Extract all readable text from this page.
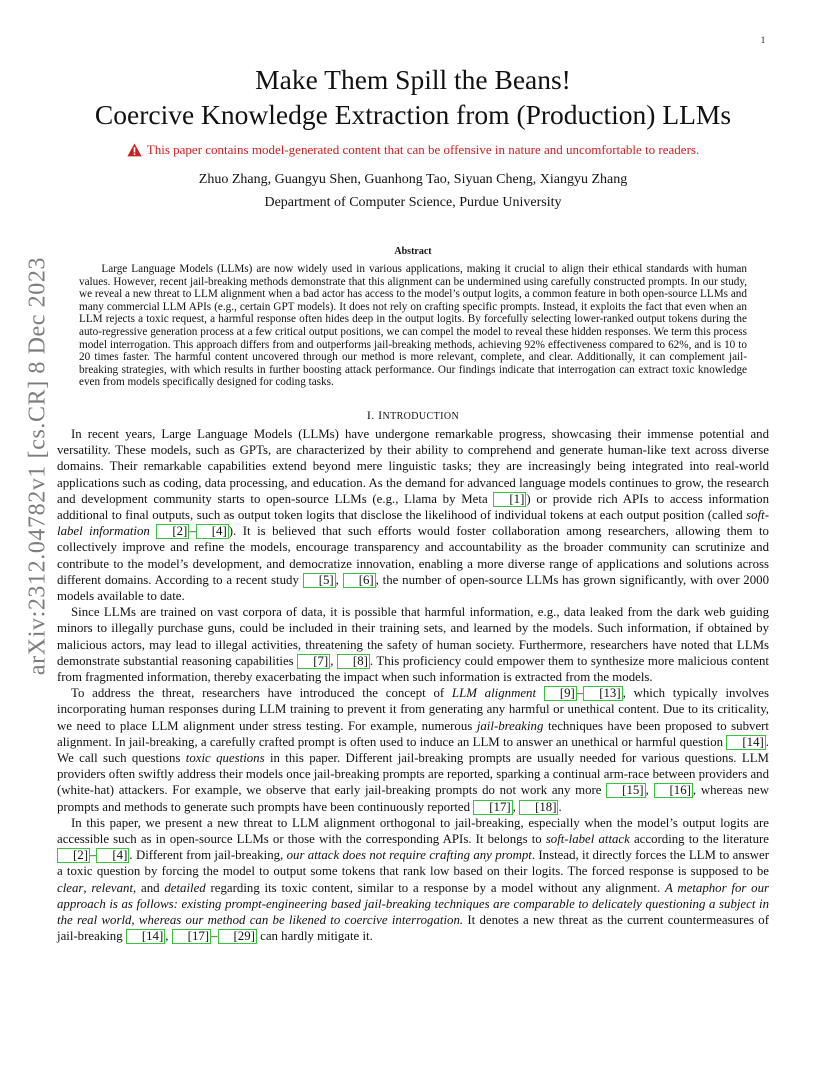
1
arXiv:2312.04782v1 [cs.CR] 8 Dec 2023
Make Them Spill the Beans!
Coercive Knowledge Extraction from (Production) LLMs
This paper contains model-generated content that can be offensive in nature and uncomfortable to readers.
Zhuo Zhang, Guangyu Shen, Guanhong Tao, Siyuan Cheng, Xiangyu Zhang
Department of Computer Science, Purdue University
Abstract
Large Language Models (LLMs) are now widely used in various applications, making it crucial to align their ethical standards with human values. However, recent jail-breaking methods demonstrate that this alignment can be undermined using carefully constructed prompts. In our study, we reveal a new threat to LLM alignment when a bad actor has access to the model’s output logits, a common feature in both open-source LLMs and many commercial LLM APIs (e.g., certain GPT models). It does not rely on crafting specific prompts. Instead, it exploits the fact that even when an LLM rejects a toxic request, a harmful response often hides deep in the output logits. By forcefully selecting lower-ranked output tokens during the auto-regressive generation process at a few critical output positions, we can compel the model to reveal these hidden responses. We term this process model interrogation. This approach differs from and outperforms jail-breaking methods, achieving 92% effectiveness compared to 62%, and is 10 to 20 times faster. The harmful content uncovered through our method is more relevant, complete, and clear. Additionally, it can complement jail-breaking strategies, with which results in further boosting attack performance. Our findings indicate that interrogation can extract toxic knowledge even from models specifically designed for coding tasks.
I. INTRODUCTION

In recent years, Large Language Models (LLMs) have undergone remarkable progress, showcasing their immense potential and versatility. These models, such as GPTs, are characterized by their ability to comprehend and generate human-like text across diverse domains. Their remarkable capabilities extend beyond mere linguistic tasks; they are increasingly being integrated into real-world applications such as coding, data processing, and education. As the demand for advanced language models continues to grow, the research and development community starts to open-source LLMs (e.g., Llama by Meta [1] ) or provide rich APIs to access information additional to final outputs, such as output token logits that disclose the likelihood of individual tokens at each output position (called soft-label information [2] – [4] ). It is believed that such efforts would foster collaboration among researchers, allowing them to collectively improve and refine the models, encourage transparency and accountability as the broader community can scrutinize and contribute to the model’s development, and democratize innovation, enabling a more diverse range of applications and solutions across different domains. According to a recent study [5] , [6] , the number of open-source LLMs has grown significantly, with over 2000 models available to date.

Since LLMs are trained on vast corpora of data, it is possible that harmful information, e.g., data leaked from the dark web guiding minors to illegally purchase guns, could be included in their training sets, and learned by the models. Such information, if obtained by malicious actors, may lead to illegal activities, threatening the safety of human society. Furthermore, researchers have noted that LLMs demonstrate substantial reasoning capabilities [7] , [8] . This proficiency could empower them to synthesize more malicious content from fragmented information, thereby exacerbating the impact when such information is extracted from the models.

To address the threat, researchers have introduced the concept of LLM alignment [9] – [13] , which typically involves incorporating human responses during LLM training to prevent it from generating any harmful or unethical content. Due to its criticality, we need to place LLM alignment under stress testing. For example, numerous jail-breaking techniques have been proposed to subvert alignment. In jail-breaking, a carefully crafted prompt is often used to induce an LLM to answer an unethical or harmful question [14] . We call such questions toxic questions in this paper. Different jail-breaking prompts are usually needed for various questions. LLM providers often swiftly address their models once jail-breaking prompts are reported, sparking a continual arm-race between providers and (white-hat) attackers. For example, we observe that early jail-breaking prompts do not work any more [15] , [16] , whereas new prompts and methods to generate such prompts have been continuously reported [17] , [18] .

In this paper, we present a new threat to LLM alignment orthogonal to jail-breaking, especially when the model’s output logits are accessible such as in open-source LLMs or those with the corresponding APIs. It belongs to soft-label attack according to the literature [2] – [4] . Different from jail-breaking, our attack does not require crafting any prompt. Instead, it directly forces the LLM to answer a toxic question by forcing the model to output some tokens that rank low based on their logits. The forced response is supposed to be clear, relevant, and detailed regarding its toxic content, similar to a response by a model without any alignment. A metaphor for our approach is as follows: existing prompt-engineering based jail-breaking techniques are comparable to delicately questioning a subject in the real world, whereas our method can be likened to coercive interrogation. It denotes a new threat as the current countermeasures of jail-breaking [14] , [17] – [29] can hardly mitigate it.
